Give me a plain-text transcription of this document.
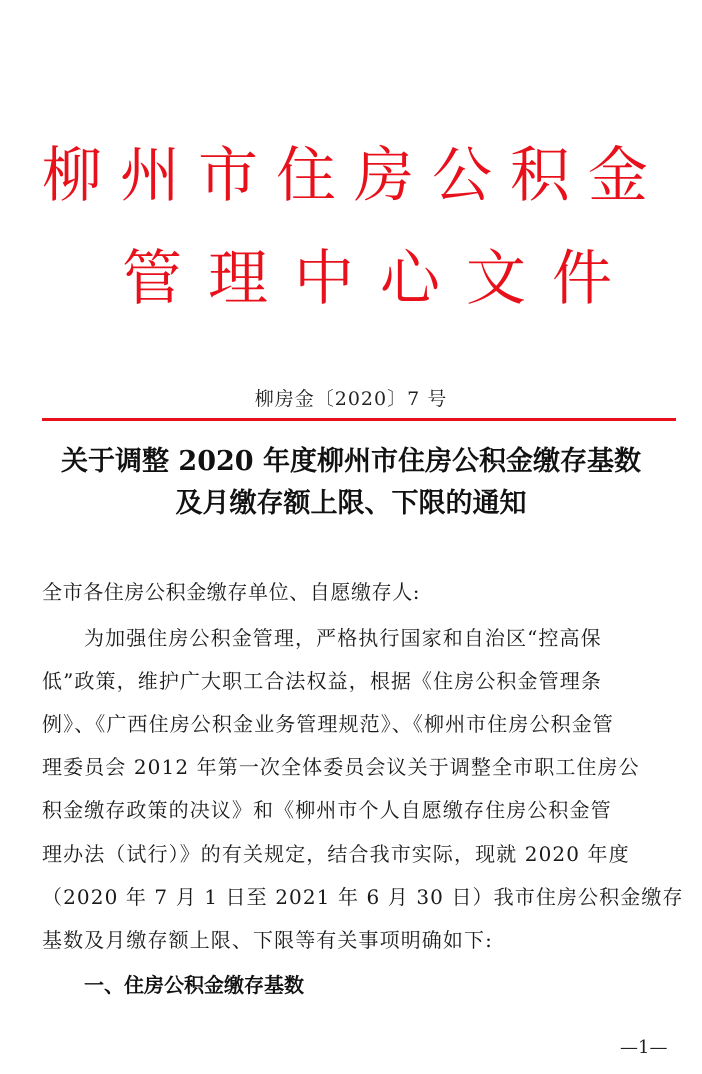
柳州市住房公积金
管理中心文件
柳房金〔2020〕7 号
关于调整 2020 年度柳州市住房公积金缴存基数
及月缴存额上限、下限的通知
全市各住房公积金缴存单位、自愿缴存人:
为加强住房公积金管理，严格执行国家和自治区“控高保
低”政策，维护广大职工合法权益，根据《住房公积金管理条
例》、《广西住房公积金业务管理规范》、《柳州市住房公积金管
理委员会 2012 年第一次全体委员会议关于调整全市职工住房公
积金缴存政策的决议》和《柳州市个人自愿缴存住房公积金管
理办法（试行）》的有关规定，结合我市实际，现就 2020 年度
（2020 年 7 月 1 日至 2021 年 6 月 30 日）我市住房公积金缴存
基数及月缴存额上限、下限等有关事项明确如下:
一、住房公积金缴存基数
—1—
